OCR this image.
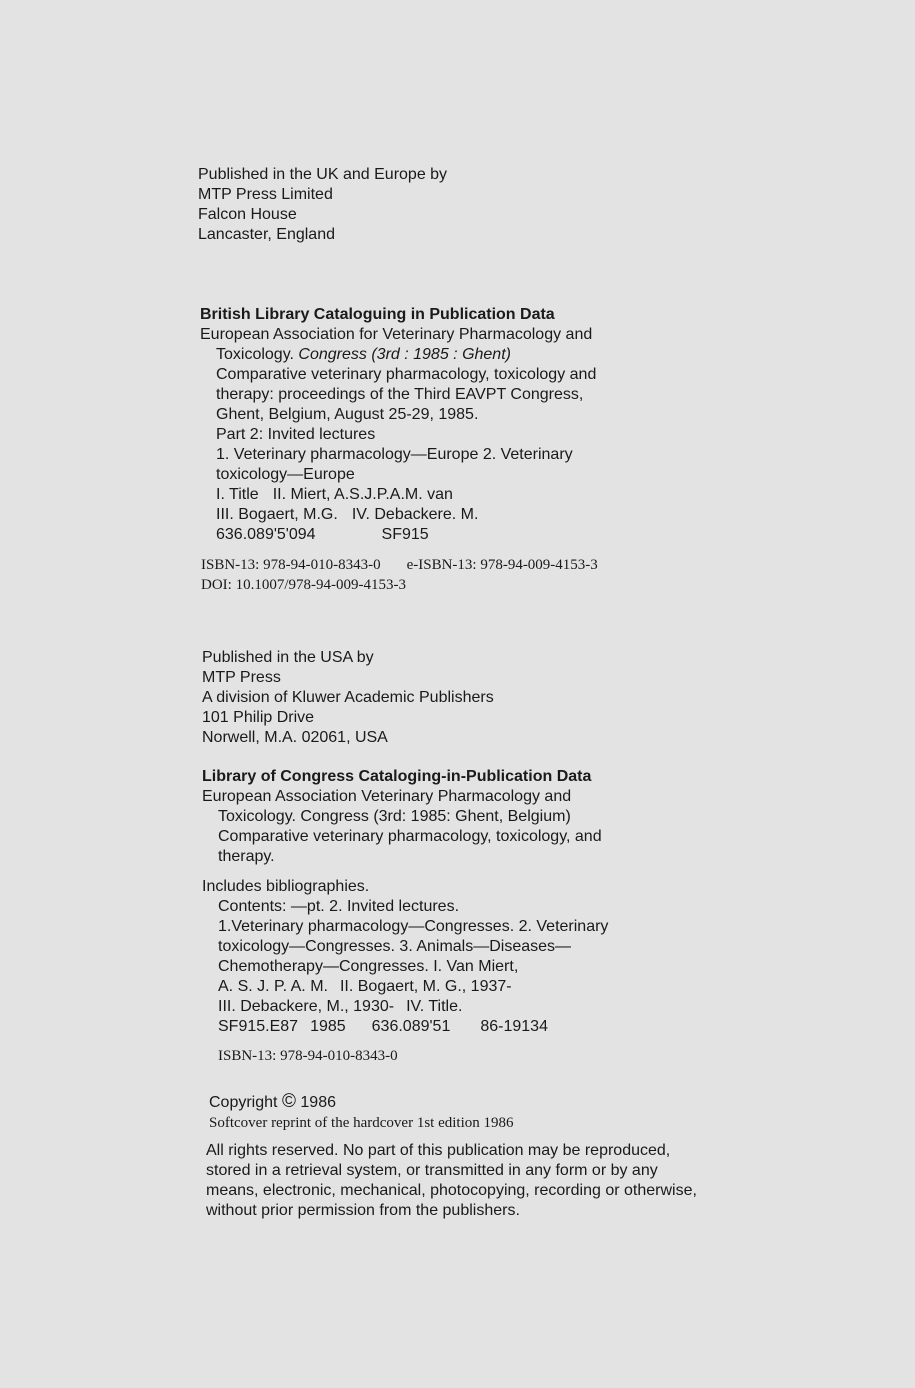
Published in the UK and Europe by
MTP Press Limited
Falcon House
Lancaster, England
British Library Cataloguing in Publication Data
European Association for Veterinary Pharmacology and
Toxicology. Congress (3rd : 1985 : Ghent)
Comparative veterinary pharmacology, toxicology and
therapy: proceedings of the Third EAVPT Congress,
Ghent, Belgium, August 25-29, 1985.
Part 2: Invited lectures
1. Veterinary pharmacology—Europe 2. Veterinary
toxicology—Europe
I. Title II. Miert, A.S.J.P.A.M. van
III. Bogaert, M.G. IV. Debackere. M.
636.089'5'094	SF915
ISBN-13: 978-94-010-8343-0 e-ISBN-13: 978-94-009-4153-3
DOI: 10.1007/978-94-009-4153-3
Published in the USA by
MTP Press
A division of Kluwer Academic Publishers
101 Philip Drive
Norwell, M.A. 02061, USA
Library of Congress Cataloging-in-Publication Data
European Association Veterinary Pharmacology and
Toxicology. Congress (3rd: 1985: Ghent, Belgium)
Comparative veterinary pharmacology, toxicology, and
therapy.
Includes bibliographies.
Contents: —pt. 2. Invited lectures.
1.Veterinary pharmacology—Congresses. 2. Veterinary
toxicology—Congresses. 3. Animals—Diseases—
Chemotherapy—Congresses. I. Van Miert,
A. S. J. P. A. M. II. Bogaert, M. G., 1937-
III. Debackere, M., 1930- IV. Title.
SF915.E87 1985 636.089'51 86-19134
ISBN-13: 978-94-010-8343-0
Copyright © 1986
Softcover reprint of the hardcover 1st edition 1986
All rights reserved. No part of this publication may be reproduced,
stored in a retrieval system, or transmitted in any form or by any
means, electronic, mechanical, photocopying, recording or otherwise,
without prior permission from the publishers.
